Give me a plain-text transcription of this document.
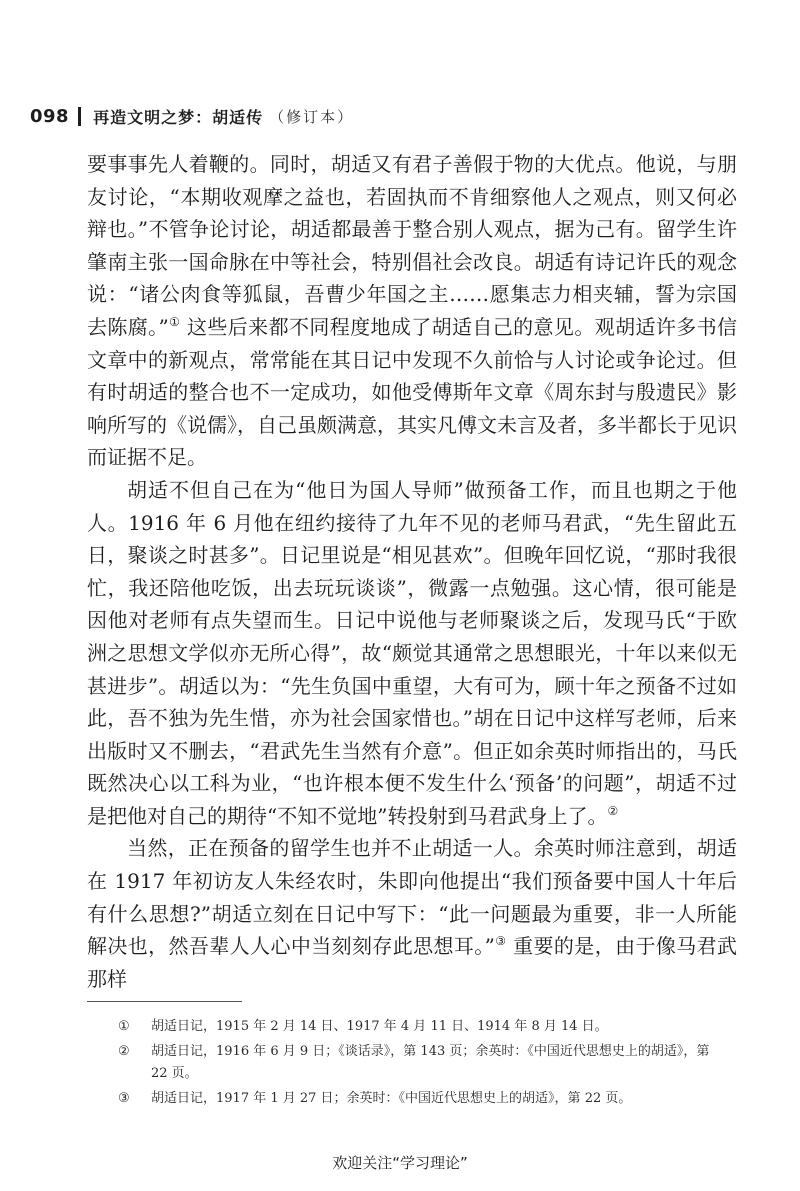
098 再造文明之梦：胡适传 （修订本）

要事事先人着鞭的。同时，胡适又有君子善假于物的大优点。他说，与朋友讨论，“本期收观摩之益也，若固执而不肯细察他人之观点，则又何必辩也。”不管争论讨论，胡适都最善于整合别人观点，据为己有。留学生许肇南主张一国命脉在中等社会，特别倡社会改良。胡适有诗记许氏的观念说：“诸公肉食等狐鼠，吾曹少年国之主……愿集志力相夹辅，誓为宗国去陈腐。”① 这些后来都不同程度地成了胡适自己的意见。观胡适许多书信文章中的新观点，常常能在其日记中发现不久前恰与人讨论或争论过。但有时胡适的整合也不一定成功，如他受傅斯年文章《周东封与殷遗民》影响所写的《说儒》，自己虽颇满意，其实凡傅文未言及者，多半都长于见识而证据不足。

胡适不但自己在为“他日为国人导师”做预备工作，而且也期之于他人。1916 年 6 月他在纽约接待了九年不见的老师马君武，“先生留此五日，聚谈之时甚多”。日记里说是“相见甚欢”。但晚年回忆说，“那时我很忙，我还陪他吃饭，出去玩玩谈谈”，微露一点勉强。这心情，很可能是因他对老师有点失望而生。日记中说他与老师聚谈之后，发现马氏“于欧洲之思想文学似亦无所心得”，故“颇觉其通常之思想眼光，十年以来似无甚进步”。胡适以为：“先生负国中重望，大有可为，顾十年之预备不过如此，吾不独为先生惜，亦为社会国家惜也。”胡在日记中这样写老师，后来出版时又不删去，“君武先生当然有介意”。但正如余英时师指出的，马氏既然决心以工科为业，“也许根本便不发生什么‘预备’的问题”，胡适不过是把他对自己的期待“不知不觉地”转投射到马君武身上了。②

当然，正在预备的留学生也并不止胡适一人。余英时师注意到，胡适在 1917 年初访友人朱经农时，朱即向他提出“我们预备要中国人十年后有什么思想?”胡适立刻在日记中写下：“此一问题最为重要，非一人所能解决也，然吾辈人人心中当刻刻存此思想耳。”③ 重要的是，由于像马君武那样

① 胡适日记，1915 年 2 月 14 日、1917 年 4 月 11 日、1914 年 8 月 14 日。
② 胡适日记，1916 年 6 月 9 日；《谈话录》，第 143 页；余英时：《中国近代思想史上的胡适》，第 22 页。
③ 胡适日记，1917 年 1 月 27 日；余英时：《中国近代思想史上的胡适》，第 22 页。
欢迎关注“学习理论”
